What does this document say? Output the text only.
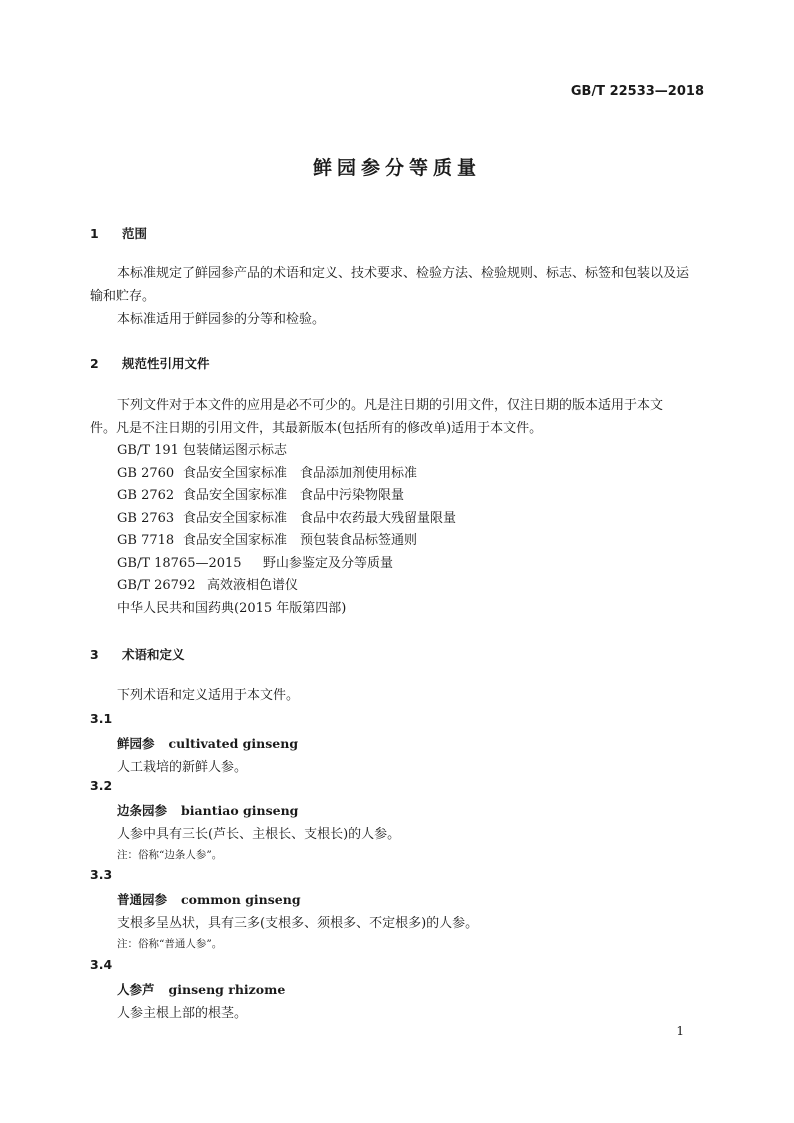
GB/T 22533—2018
鲜园参分等质量
1 范围
本标准规定了鲜园参产品的术语和定义、技术要求、检验方法、检验规则、标志、标签和包装以及运
输和贮存。
本标准适用于鲜园参的分等和检验。
2 规范性引用文件
下列文件对于本文件的应用是必不可少的。凡是注日期的引用文件，仅注日期的版本适用于本文
件。凡是不注日期的引用文件，其最新版本(包括所有的修改单)适用于本文件。
GB/T 191 包装储运图示标志
GB 2760 食品安全国家标准　食品添加剂使用标准
GB 2762 食品安全国家标准　食品中污染物限量
GB 2763 食品安全国家标准　食品中农药最大残留量限量
GB 7718 食品安全国家标准　预包装食品标签通则
GB/T 18765—2015 野山参鉴定及分等质量
GB/T 26792 高效液相色谱仪
中华人民共和国药典(2015 年版第四部)
3 术语和定义
下列术语和定义适用于本文件。
3.1
鲜园参 cultivated ginseng
人工栽培的新鲜人参。
3.2
边条园参 biantiao ginseng
人参中具有三长(芦长、主根长、支根长)的人参。
注：俗称“边条人参”。
3.3
普通园参 common ginseng
支根多呈丛状，具有三多(支根多、须根多、不定根多)的人参。
注：俗称“普通人参”。
3.4
人参芦 ginseng rhizome
人参主根上部的根茎。
1
